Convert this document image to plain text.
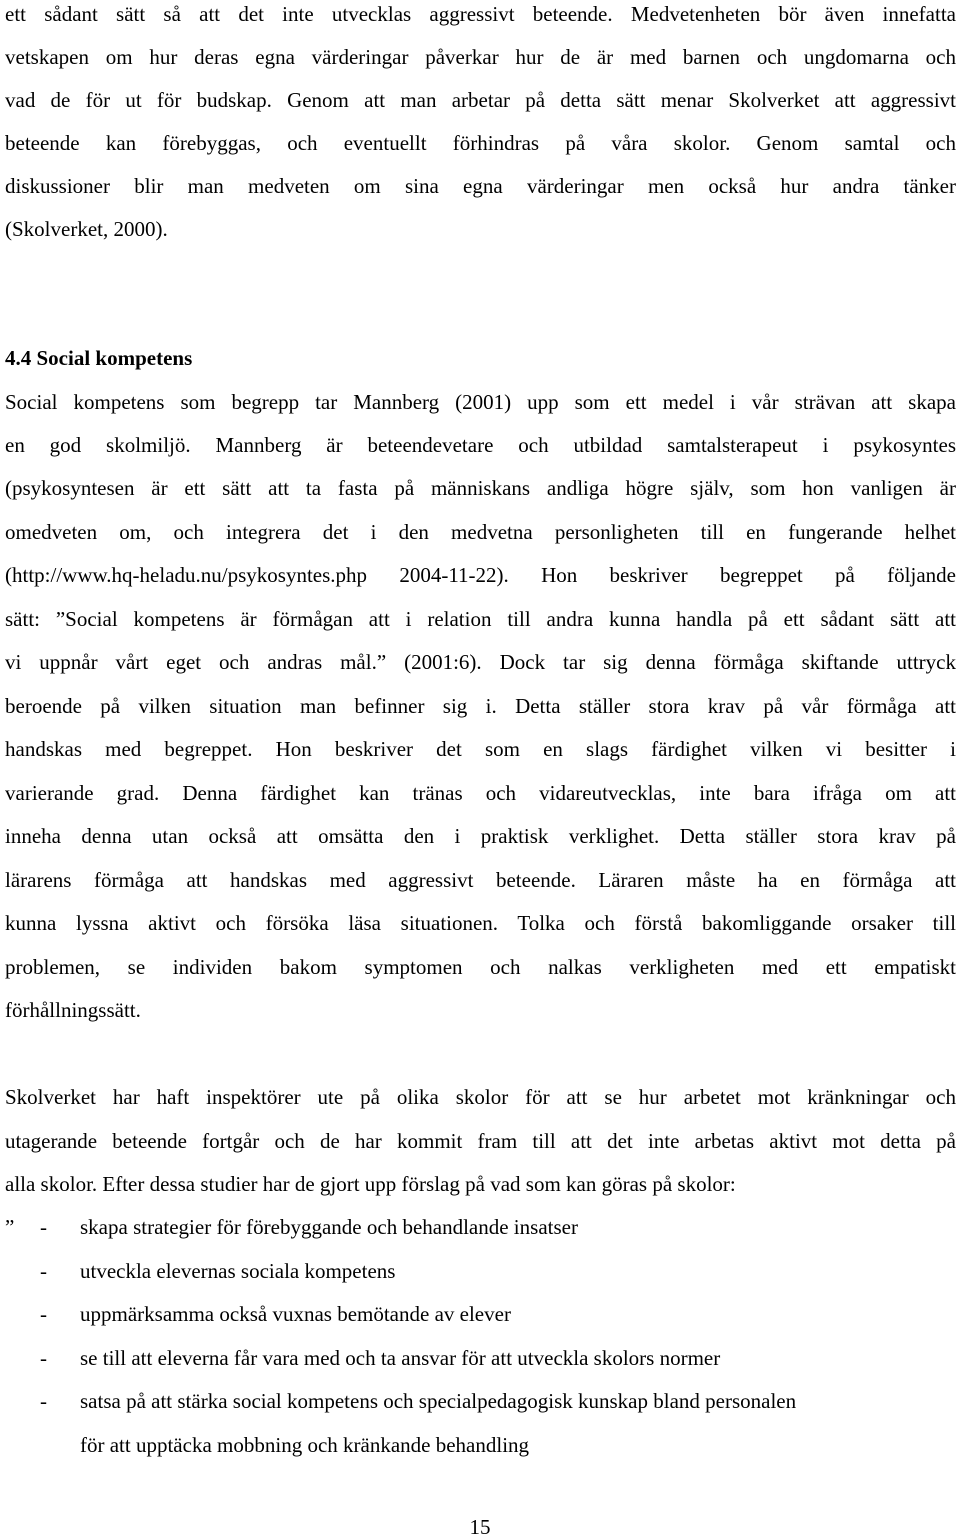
ett sådant sätt så att det inte utvecklas aggressivt beteende. Medvetenheten bör även innefatta
vetskapen om hur deras egna värderingar påverkar hur de är med barnen och ungdomarna och
vad de för ut för budskap. Genom att man arbetar på detta sätt menar Skolverket att aggressivt
beteende kan förebyggas, och eventuellt förhindras på våra skolor. Genom samtal och
diskussioner blir man medveten om sina egna värderingar men också hur andra tänker
(Skolverket, 2000).
4.4 Social kompetens
Social kompetens som begrepp tar Mannberg (2001) upp som ett medel i vår strävan att skapa
en god skolmiljö. Mannberg är beteendevetare och utbildad samtalsterapeut i psykosyntes
(psykosyntesen är ett sätt att ta fasta på människans andliga högre själv, som hon vanligen är
omedveten om, och integrera det i den medvetna personligheten till en fungerande helhet
(http://www.hq-heladu.nu/psykosyntes.php 2004-11-22). Hon beskriver begreppet på följande
sätt: ”Social kompetens är förmågan att i relation till andra kunna handla på ett sådant sätt att
vi uppnår vårt eget och andras mål.” (2001:6). Dock tar sig denna förmåga skiftande uttryck
beroende på vilken situation man befinner sig i. Detta ställer stora krav på vår förmåga att
handskas med begreppet. Hon beskriver det som en slags färdighet vilken vi besitter i
varierande grad. Denna färdighet kan tränas och vidareutvecklas, inte bara ifråga om att
inneha denna utan också att omsätta den i praktisk verklighet. Detta ställer stora krav på
lärarens förmåga att handskas med aggressivt beteende. Läraren måste ha en förmåga att
kunna lyssna aktivt och försöka läsa situationen. Tolka och förstå bakomliggande orsaker till
problemen, se individen bakom symptomen och nalkas verkligheten med ett empatiskt
förhållningssätt.
Skolverket har haft inspektörer ute på olika skolor för att se hur arbetet mot kränkningar och
utagerande beteende fortgår och de har kommit fram till att det inte arbetas aktivt mot detta på
alla skolor. Efter dessa studier har de gjort upp förslag på vad som kan göras på skolor:
” - skapa strategier för förebyggande och behandlande insatser
- utveckla elevernas sociala kompetens
- uppmärksamma också vuxnas bemötande av elever
- se till att eleverna får vara med och ta ansvar för att utveckla skolors normer
- satsa på att stärka social kompetens och specialpedagogisk kunskap bland personalen
för att upptäcka mobbning och kränkande behandling
15
